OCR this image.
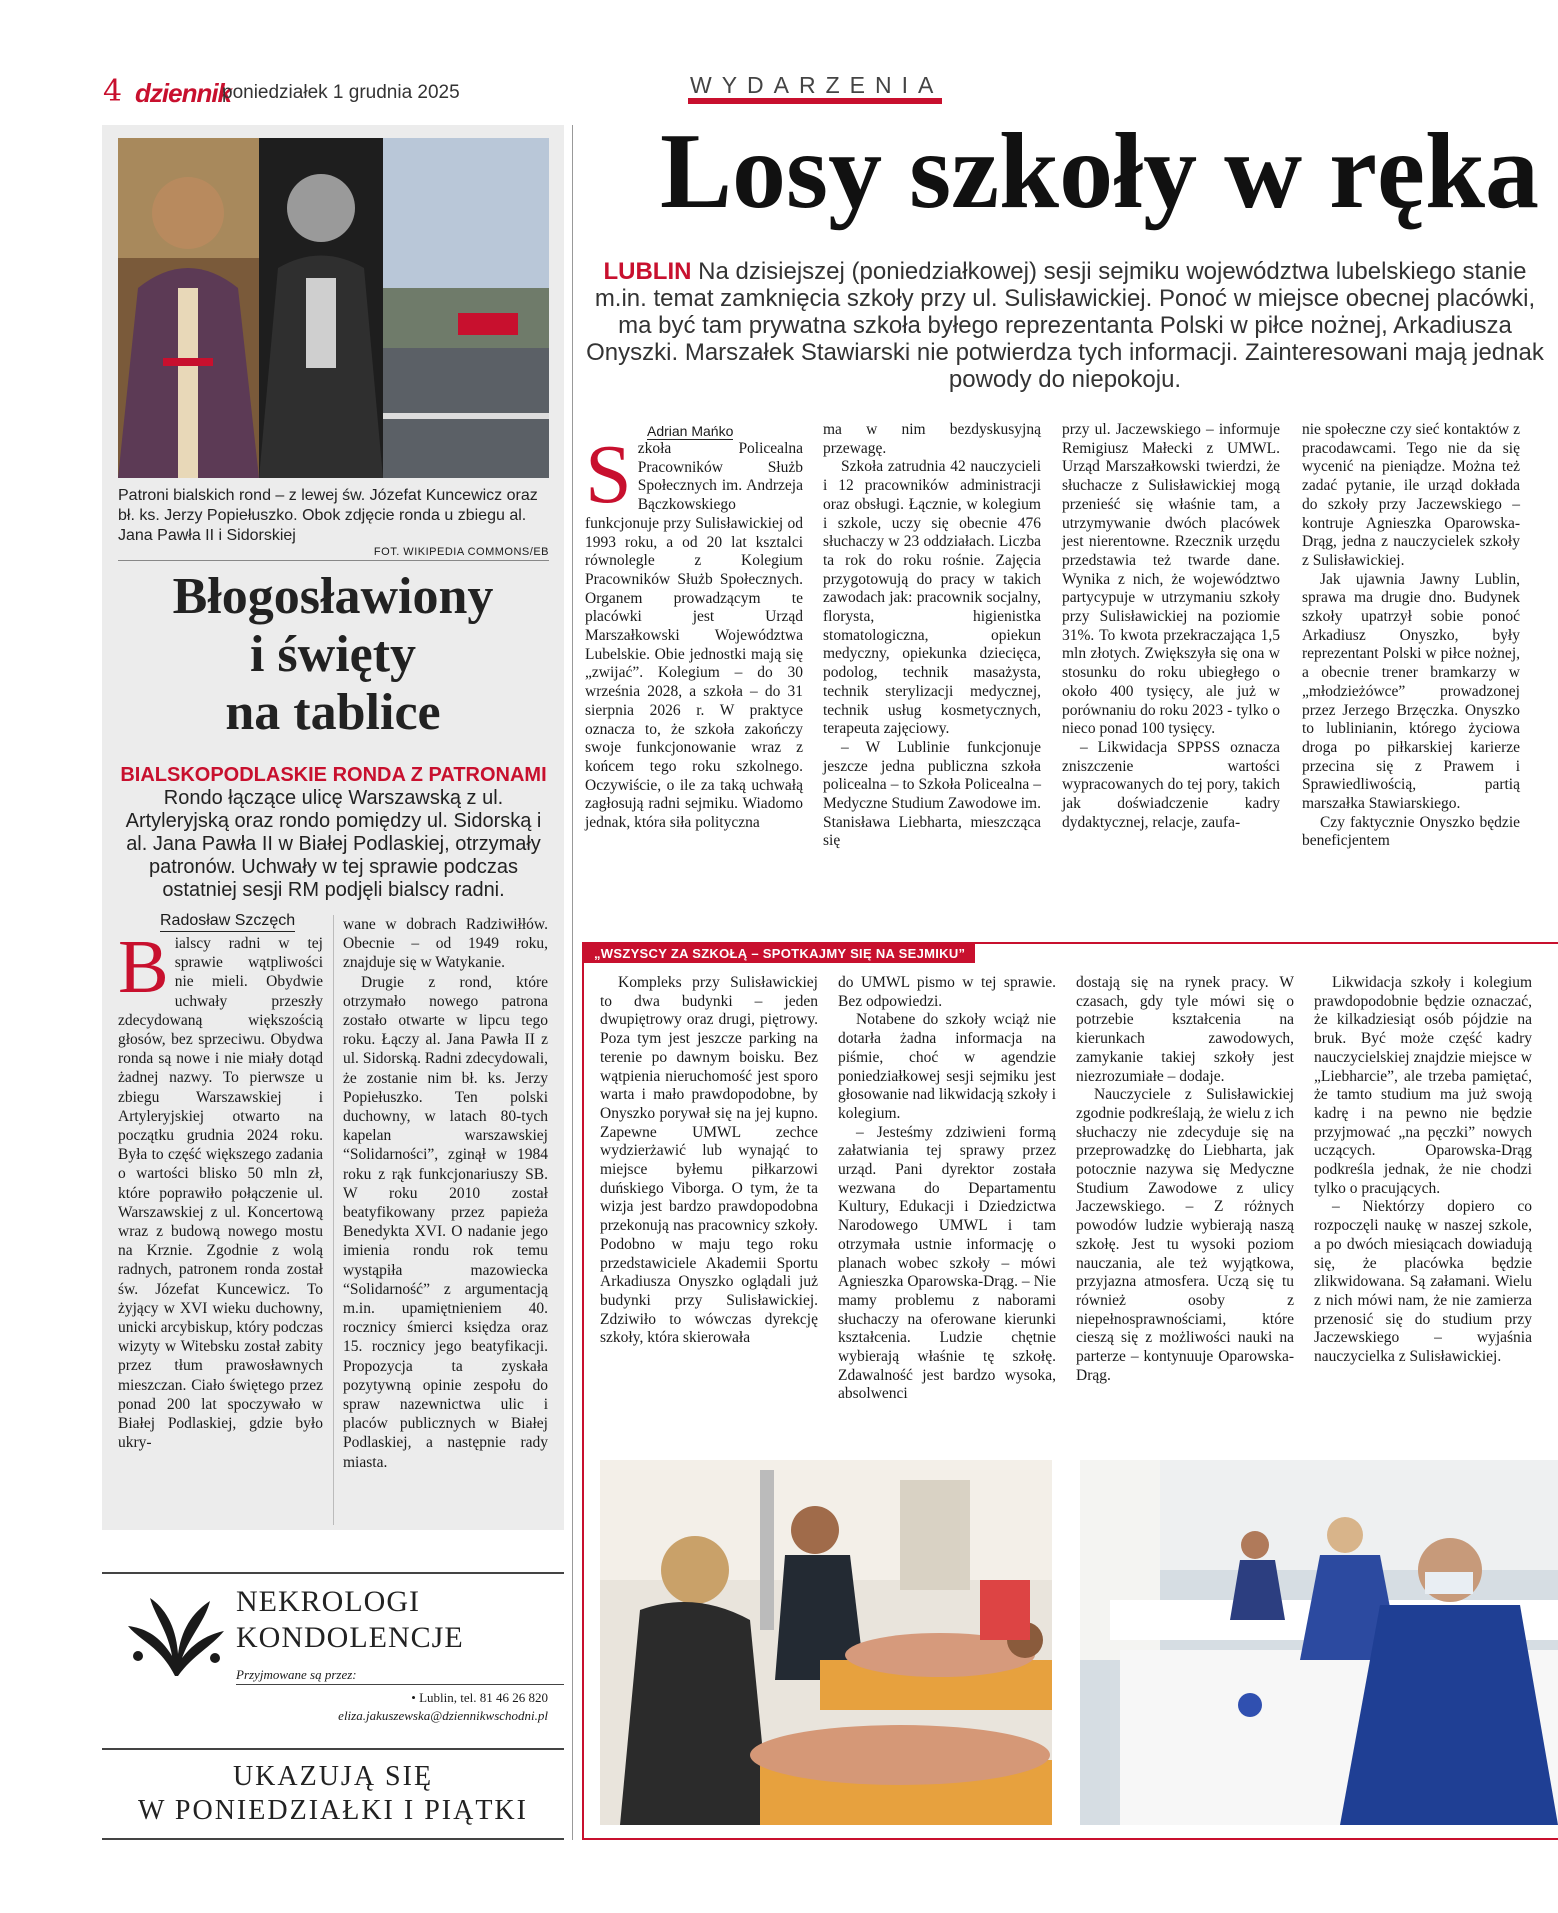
4 dziennik
poniedziałek 1 grudnia 2025	WYDARZENIA
Patroni bialskich rond – z lewej św. Józefat Kuncewicz oraz bł. ks. Jerzy Popiełuszko. Obok zdjęcie ronda u zbiegu al. Jana Pawła II i Sidorskiej
FOT. WIKIPEDIA COMMONS/EB
Błogosławiony
i święty
na tablice
BIALSKOPODLASKIE RONDA Z PATRONAMI Rondo łączące ulicę Warszawską z ul. Artyleryjską oraz rondo pomiędzy ul. Sidorską i al. Jana Pawła II w Białej Podlaskiej, otrzymały patronów. Uchwały w tej sprawie podczas ostatniej sesji RM podjęli bialscy radni.
Radosław Szczęch
B ialscy radni w tej sprawie wątpliwości nie mieli. Obydwie uchwały przeszły zdecydowaną większością głosów, bez sprzeciwu. Obydwa ronda są nowe i nie miały dotąd żadnej nazwy. To pierwsze u zbiegu Warszawskiej i Artyleryjskiej otwarto na początku grudnia 2024 roku. Była to część większego zadania o wartości blisko 50 mln zł, które poprawiło połączenie ul. Warszawskiej z ul. Koncertową wraz z budową nowego mostu na Krznie. Zgodnie z wolą radnych, patronem ronda został św. Józefat Kuncewicz. To żyjący w XVI wieku duchowny, unicki arcybiskup, który podczas wizyty w Witebsku został zabity przez tłum prawosławnych mieszczan. Ciało świętego przez ponad 200 lat spoczywało w Białej Podlaskiej, gdzie było ukry-

wane w dobrach Radziwiłłów. Obecnie – od 1949 roku, znajduje się w Watykanie.

Drugie z rond, które otrzymało nowego patrona zostało otwarte w lipcu tego roku. Łączy al. Jana Pawła II z ul. Sidorską. Radni zdecydowali, że zostanie nim bł. ks. Jerzy Popiełuszko. Ten polski duchowny, w latach 80-tych kapelan warszawskiej “Solidarności”, zginął w 1984 roku z rąk funkcjonariuszy SB. W roku 2010 został beatyfikowany przez papieża Benedykta XVI. O nadanie jego imienia rondu rok temu wystąpiła mazowiecka “Solidarność” z argumentacją m.in. upamiętnieniem 40. rocznicy śmierci księdza oraz 15. rocznicy jego beatyfikacji. Propozycja ta zyskała pozytywną opinie zespołu do spraw nazewnictwa ulic i placów publicznych w Białej Podlaskiej, a następnie rady miasta.

NEKROLOGI
KONDOLENCJE
Przyjmowane są przez:
• Lublin, tel. 81 46 26 820
eliza.jakuszewska@dziennikwschodni.pl
UKAZUJĄ SIĘ
W PONIEDZIAŁKI I PIĄTKI
Losy szkoły w ręka
LUBLIN Na dzisiejszej (poniedziałkowej) sesji sejmiku województwa lubelskiego stanie m.in. temat zamknięcia szkoły przy ul. Sulisławickiej. Ponoć w miejsce obecnej placówki, ma być tam prywatna szkoła byłego reprezentanta Polski w piłce nożnej, Arkadiusza Onyszki. Marszałek Stawiarski nie potwierdza tych informacji. Zainteresowani mają jednak powody do niepokoju.
Adrian Mańko
S zkoła Policealna Pracowników Służb Społecznych im. Andrzeja Bączkowskiego funkcjonuje przy Sulisławickiej od 1993 roku, a od 20 lat ksztalci równolegle z Kolegium Pracowników Służb Społecznych. Organem prowadzącym te placówki jest Urząd Marszałkowski Województwa Lubelskie. Obie jednostki mają się „zwijać”. Kolegium – do 30 września 2028, a szkoła – do 31 sierpnia 2026 r. W praktyce oznacza to, że szkoła zakończy swoje funkcjonowanie wraz z końcem tego roku szkolnego. Oczywiście, o ile za taką uchwałą zagłosują radni sejmiku. Wiadomo jednak, która siła polityczna

ma w nim bezdyskusyjną przewagę.

Szkoła zatrudnia 42 nauczycieli i 12 pracowników administracji oraz obsługi. Łącznie, w kolegium i szkole, uczy się obecnie 476 słuchaczy w 23 oddziałach. Liczba ta rok do roku rośnie. Zajęcia przygotowują do pracy w takich zawodach jak: pracownik socjalny, florysta, higienistka stomatologiczna, opiekun medyczny, opiekunka dziecięca, podolog, technik masażysta, technik sterylizacji medycznej, technik usług kosmetycznych, terapeuta zajęciowy.

– W Lublinie funkcjonuje jeszcze jedna publiczna szkoła policealna – to Szkoła Policealna – Medyczne Studium Zawodowe im. Stanisława Liebharta, mieszcząca się

przy ul. Jaczewskiego – informuje Remigiusz Małecki z UMWL. Urząd Marszałkowski twierdzi, że słuchacze z Sulisławickiej mogą przenieść się właśnie tam, a utrzymywanie dwóch placówek jest nierentowne. Rzecznik urzędu przedstawia też twarde dane. Wynika z nich, że województwo partycypuje w utrzymaniu szkoły przy Sulisławickiej na poziomie 31%. To kwota przekraczająca 1,5 mln złotych. Zwiększyła się ona w stosunku do roku ubiegłego o około 400 tysięcy, ale już w porównaniu do roku 2023 - tylko o nieco ponad 100 tysięcy.

– Likwidacja SPPSS oznacza zniszczenie wartości wypracowanych do tej pory, takich jak doświadczenie kadry dydaktycznej, relacje, zaufa-

nie społeczne czy sieć kontaktów z pracodawcami. Tego nie da się wycenić na pieniądze. Można też zadać pytanie, ile urząd dokłada do szkoły przy Jaczewskiego – kontruje Agnieszka Oparowska-Drąg, jedna z nauczycielek szkoły z Sulisławickiej.

Jak ujawnia Jawny Lublin, sprawa ma drugie dno. Budynek szkoły upatrzył sobie ponoć Arkadiusz Onyszko, były reprezentant Polski w piłce nożnej, a obecnie trener bramkarzy w „młodzieżówce” prowadzonej przez Jerzego Brzęczka. Onyszko to lublinianin, którego życiowa droga po piłkarskiej karierze przecina się z Prawem i Sprawiedliwością, partią marszałka Stawiarskiego.

Czy faktycznie Onyszko będzie beneficjentem

„WSZYSCY ZA SZKOŁĄ – SPOTKAJMY SIĘ NA SEJMIKU”

Kompleks przy Sulisławickiej to dwa budynki – jeden dwupiętrowy oraz drugi, piętrowy. Poza tym jest jeszcze parking na terenie po dawnym boisku. Bez wątpienia nieruchomość jest sporo warta i mało prawdopodobne, by Onyszko porywał się na jej kupno. Zapewne UMWL zechce wydzierżawić lub wynająć to miejsce byłemu piłkarzowi duńskiego Viborga. O tym, że ta wizja jest bardzo prawdopodobna przekonują nas pracownicy szkoły. Podobno w maju tego roku przedstawiciele Akademii Sportu Arkadiusza Onyszko oglądali już budynki przy Sulisławickiej. Zdziwiło to wówczas dyrekcję szkoły, która skierowała

do UMWL pismo w tej sprawie. Bez odpowiedzi.

Notabene do szkoły wciąż nie dotarła żadna informacja na piśmie, choć w agendzie poniedziałkowej sesji sejmiku jest głosowanie nad likwidacją szkoły i kolegium.

– Jesteśmy zdziwieni formą załatwiania tej sprawy przez urząd. Pani dyrektor została wezwana do Departamentu Kultury, Edukacji i Dziedzictwa Narodowego UMWL i tam otrzymała ustnie informację o planach wobec szkoły – mówi Agnieszka Oparowska-Drąg. – Nie mamy problemu z naborami słuchaczy na oferowane kierunki kształcenia. Ludzie chętnie wybierają właśnie tę szkołę. Zdawalność jest bardzo wysoka, absolwenci

dostają się na rynek pracy. W czasach, gdy tyle mówi się o potrzebie kształcenia na kierunkach zawodowych, zamykanie takiej szkoły jest niezrozumiałe – dodaje.

Nauczyciele z Sulisławickiej zgodnie podkreślają, że wielu z ich słuchaczy nie zdecyduje się na przeprowadzkę do Liebharta, jak potocznie nazywa się Medyczne Studium Zawodowe z ulicy Jaczewskiego. – Z różnych powodów ludzie wybierają naszą szkołę. Jest tu wysoki poziom nauczania, ale też wyjątkowa, przyjazna atmosfera. Uczą się tu również osoby z niepełnosprawnościami, które cieszą się z możliwości nauki na parterze – kontynuuje Oparowska-Drąg.

Likwidacja szkoły i kolegium prawdopodobnie będzie oznaczać, że kilkadziesiąt osób pójdzie na bruk. Być może część kadry nauczycielskiej znajdzie miejsce w „Liebharcie”, ale trzeba pamiętać, że tamto studium ma już swoją kadrę i na pewno nie będzie przyjmować „na pęczki” nowych uczących. Oparowska-Drąg podkreśla jednak, że nie chodzi tylko o pracujących.

– Niektórzy dopiero co rozpoczęli naukę w naszej szkole, a po dwóch miesiącach dowiadują się, że placówka będzie zlikwidowana. Są załamani. Wielu z nich mówi nam, że nie zamierza przenosić się do studium przy Jaczewskiego – wyjaśnia nauczycielka z Sulisławickiej.
